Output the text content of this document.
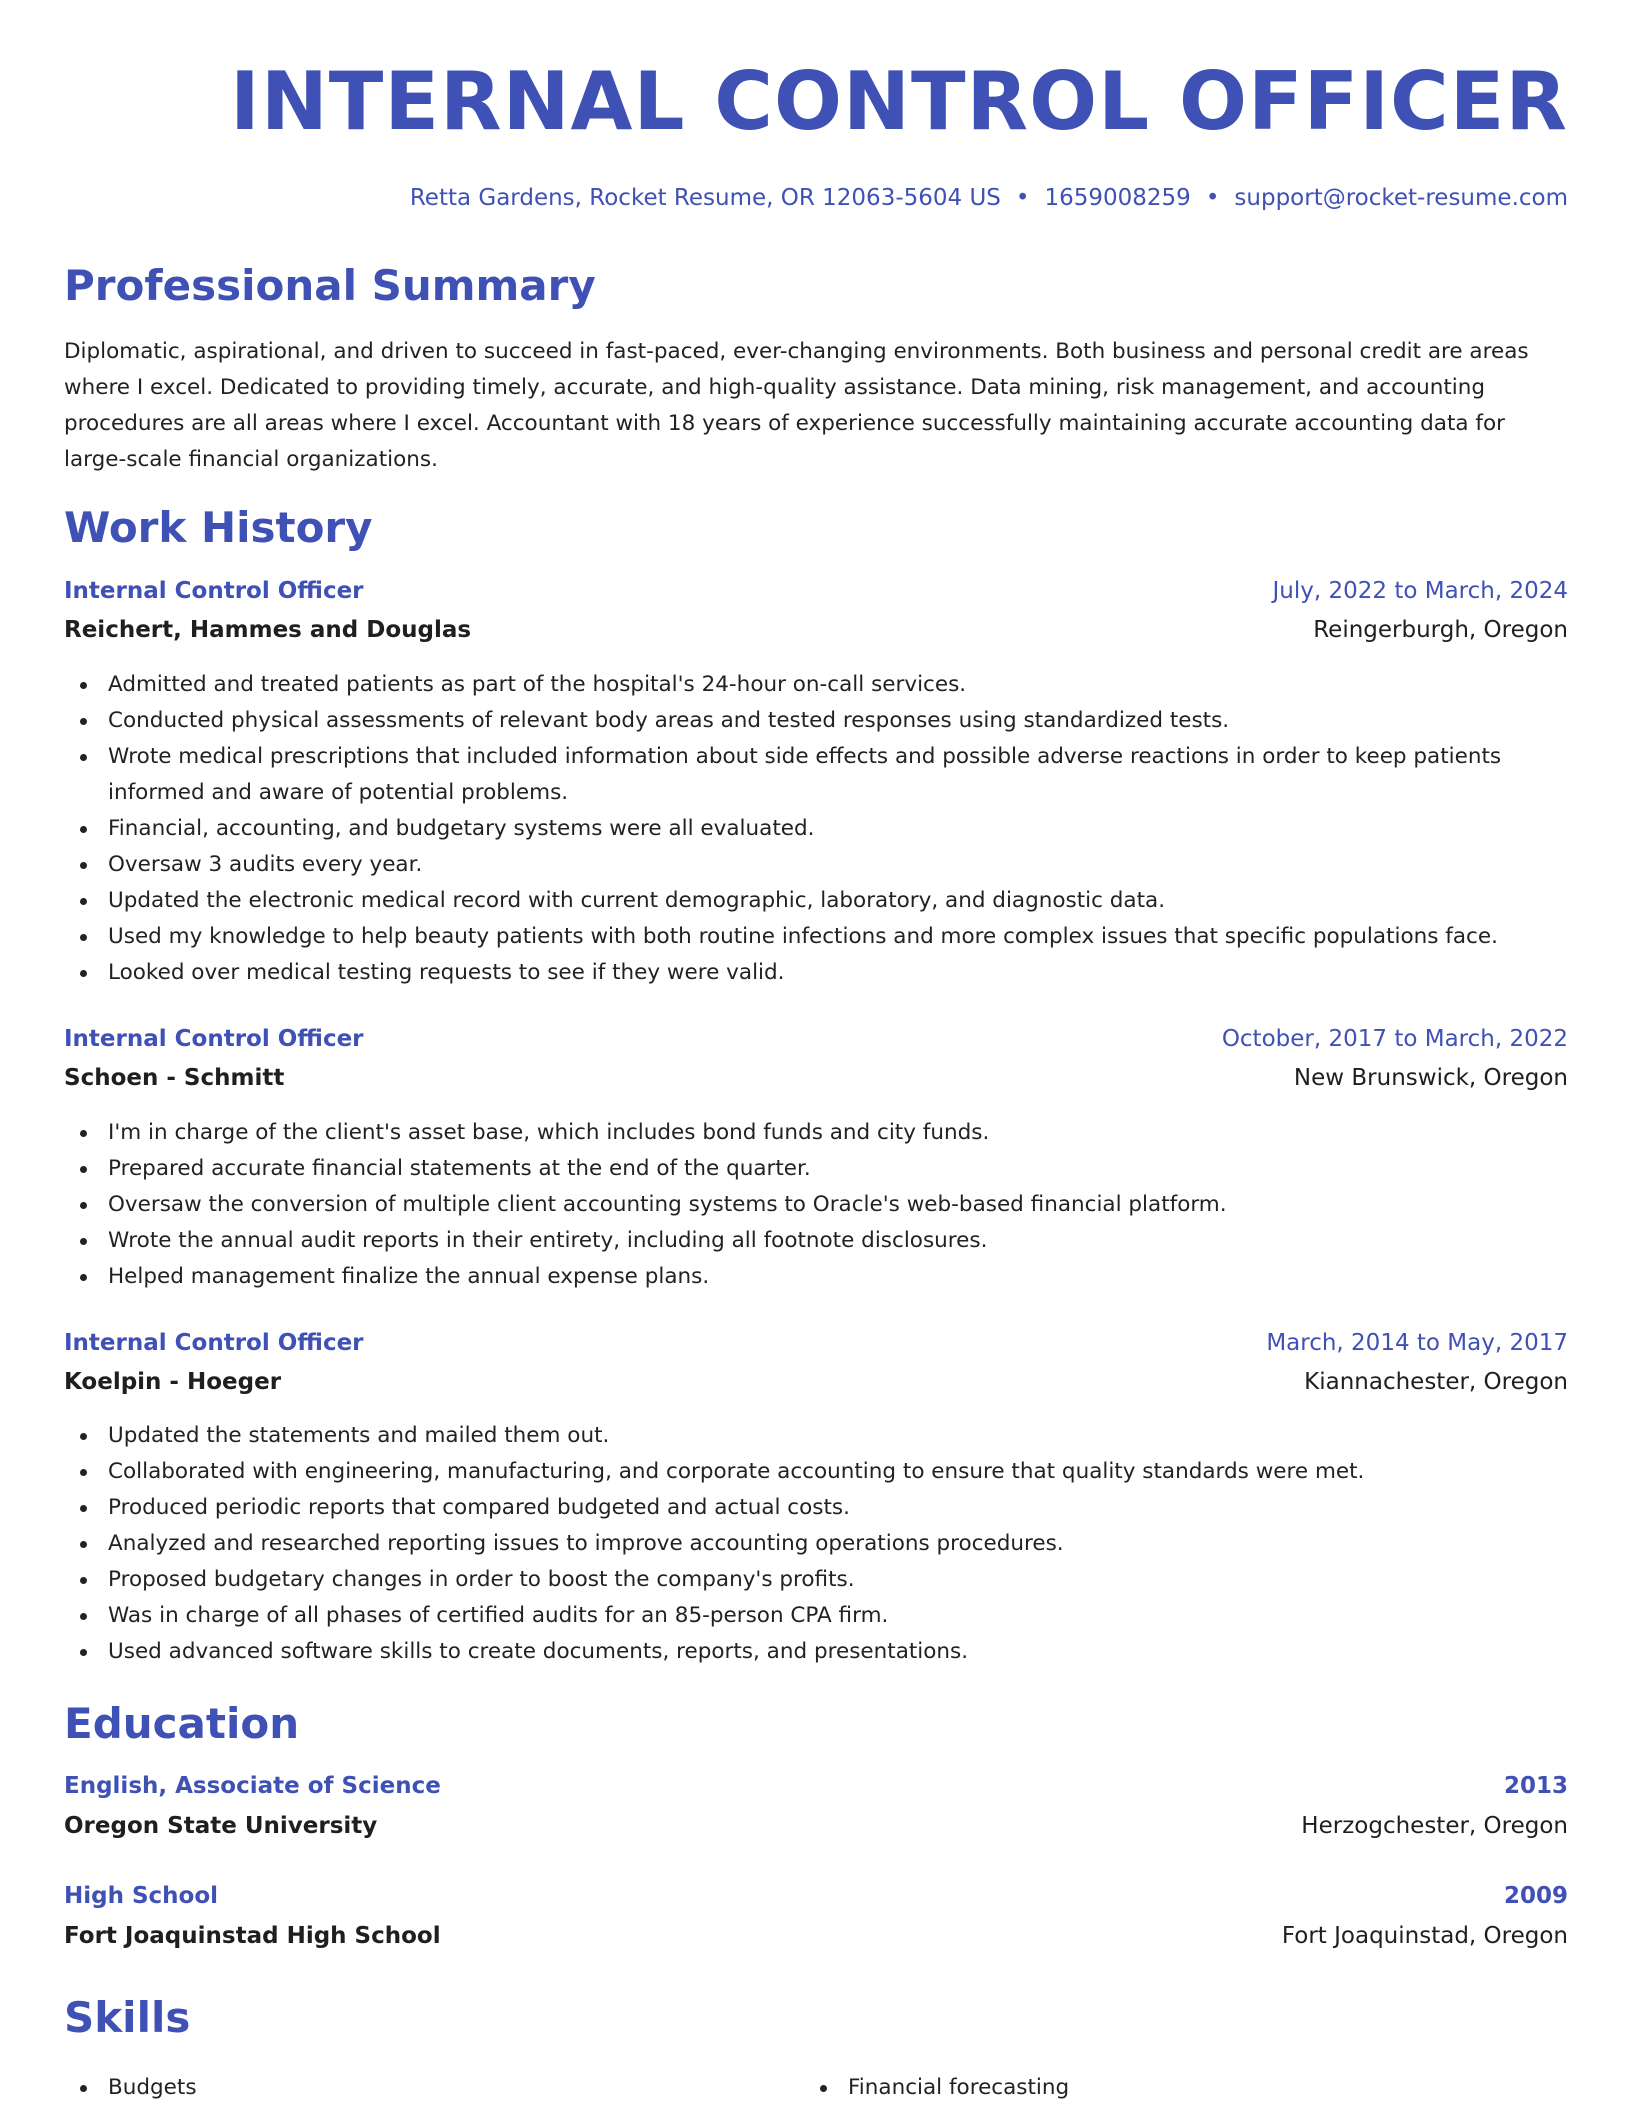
INTERNAL CONTROL OFFICER
Retta Gardens, Rocket Resume, OR 12063-5604 US • 1659008259 • support@rocket-resume.com
Professional Summary

Diplomatic, aspirational, and driven to succeed in fast-paced, ever-changing environments. Both business and personal credit are areas where I excel. Dedicated to providing timely, accurate, and high-quality assistance. Data mining, risk management, and accounting procedures are all areas where I excel. Accountant with 18 years of experience successfully maintaining accurate accounting data for large-scale financial organizations.

Work History
Internal Control Officer	July, 2022 to March, 2024
Reichert, Hammes and Douglas	Reingerburgh, Oregon
Admitted and treated patients as part of the hospital's 24-hour on-call services.
Conducted physical assessments of relevant body areas and tested responses using standardized tests.
Wrote medical prescriptions that included information about side effects and possible adverse reactions in order to keep patients informed and aware of potential problems.
Financial, accounting, and budgetary systems were all evaluated.
Oversaw 3 audits every year.
Updated the electronic medical record with current demographic, laboratory, and diagnostic data.
Used my knowledge to help beauty patients with both routine infections and more complex issues that specific populations face.
Looked over medical testing requests to see if they were valid.
Internal Control Officer	October, 2017 to March, 2022
Schoen - Schmitt	New Brunswick, Oregon
I'm in charge of the client's asset base, which includes bond funds and city funds.
Prepared accurate financial statements at the end of the quarter.
Oversaw the conversion of multiple client accounting systems to Oracle's web-based financial platform.
Wrote the annual audit reports in their entirety, including all footnote disclosures.
Helped management finalize the annual expense plans.
Internal Control Officer	March, 2014 to May, 2017
Koelpin - Hoeger	Kiannachester, Oregon
Updated the statements and mailed them out.
Collaborated with engineering, manufacturing, and corporate accounting to ensure that quality standards were met.
Produced periodic reports that compared budgeted and actual costs.
Analyzed and researched reporting issues to improve accounting operations procedures.
Proposed budgetary changes in order to boost the company's profits.
Was in charge of all phases of certified audits for an 85-person CPA firm.
Used advanced software skills to create documents, reports, and presentations.
Education
English, Associate of Science	2013
Oregon State University	Herzogchester, Oregon
High School	2009
Fort Joaquinstad High School	Fort Joaquinstad, Oregon
Skills
Budgets	Financial forecasting
